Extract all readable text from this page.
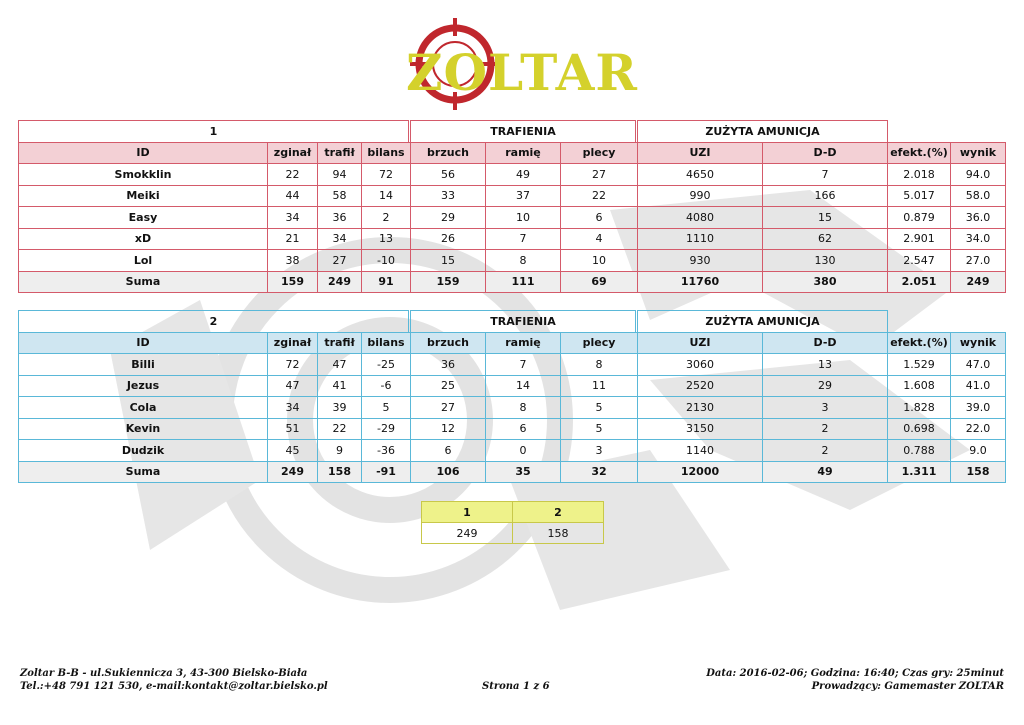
ZOLTAR
1	TRAFIENIA	ZUŻYTA AMUNICJA
ID	zginał	trafił	bilans	brzuch	ramię	plecy	UZI	D-D	efekt.(%)	wynik
Smokklin	22	94	72	56	49	27	4650	7	2.018	94.0
Meiki	44	58	14	33	37	22	990	166	5.017	58.0
Easy	34	36	2	29	10	6	4080	15	0.879	36.0
xD	21	34	13	26	7	4	1110	62	2.901	34.0
Lol	38	27	-10	15	8	10	930	130	2.547	27.0
Suma	159	249	91	159	111	69	11760	380	2.051	249
2	TRAFIENIA	ZUŻYTA AMUNICJA
ID	zginał	trafił	bilans	brzuch	ramię	plecy	UZI	D-D	efekt.(%)	wynik
Billi	72	47	-25	36	7	8	3060	13	1.529	47.0
Jezus	47	41	-6	25	14	11	2520	29	1.608	41.0
Cola	34	39	5	27	8	5	2130	3	1.828	39.0
Kevin	51	22	-29	12	6	5	3150	2	0.698	22.0
Dudzik	45	9	-36	6	0	3	1140	2	0.788	9.0
Suma	249	158	-91	106	35	32	12000	49	1.311	158
1	2
249	158
Zoltar B-B - ul.Sukiennicza 3, 43-300 Bielsko-Biała
Tel.:+48 791 121 530, e-mail:kontakt@zoltar.bielsko.pl	Strona 1 z 6
Data: 2016-02-06; Godzina: 16:40; Czas gry: 25minut
Prowadzący: Gamemaster ZOLTAR
